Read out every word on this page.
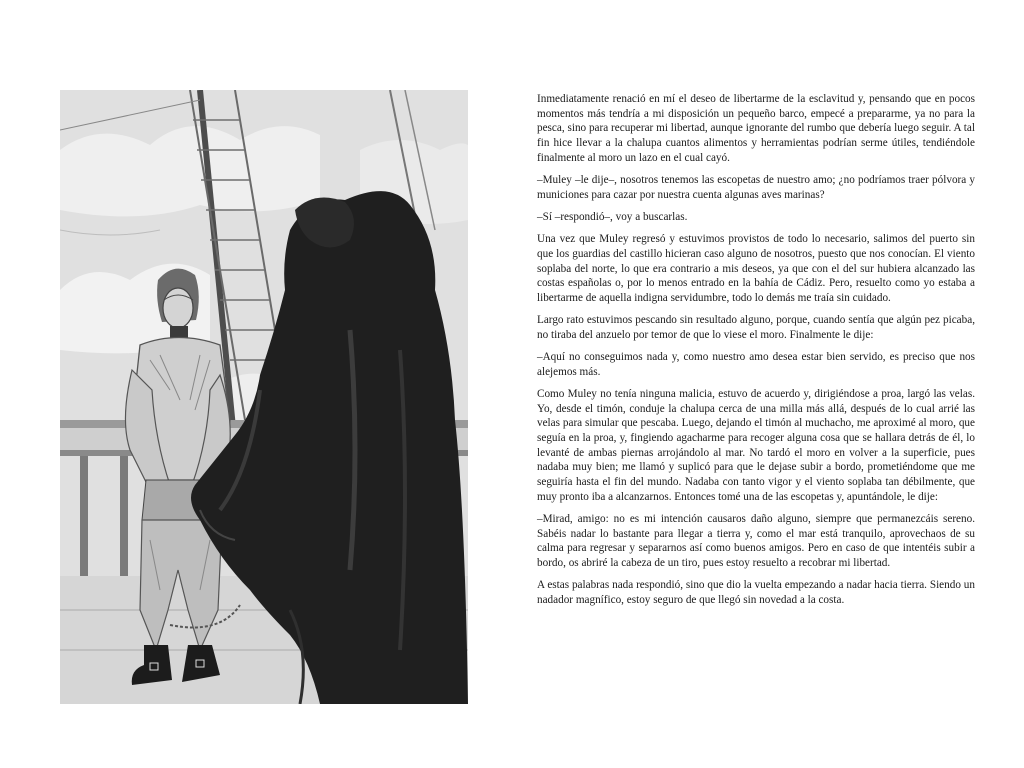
Inmediatamente renació en mí el deseo de libertarme de la esclavitud y, pensando que en pocos momentos más tendría a mi disposición un pequeño barco, empecé a prepararme, ya no para la pesca, sino para recuperar mi libertad, aunque ignorante del rumbo que debería luego seguir. A tal fin hice llevar a la chalupa cuantos alimentos y herramientas podrían serme útiles, tendiéndole finalmente al moro un lazo en el cual cayó.

–Muley –le dije–, nosotros tenemos las escopetas de nuestro amo; ¿no podríamos traer pólvora y municiones para cazar por nuestra cuenta algunas aves marinas?

–Sí –respondió–, voy a buscarlas.

Una vez que Muley regresó y estuvimos provistos de todo lo necesario, salimos del puerto sin que los guardias del castillo hicieran caso alguno de nosotros, puesto que nos conocían. El viento soplaba del norte, lo que era contrario a mis deseos, ya que con el del sur hubiera alcanzado las costas españolas o, por lo menos entrado en la bahía de Cádiz. Pero, resuelto como yo estaba a libertarme de aquella indigna servidumbre, todo lo demás me traía sin cuidado.

Largo rato estuvimos pescando sin resultado alguno, porque, cuando sentía que algún pez picaba, no tiraba del anzuelo por temor de que lo viese el moro. Finalmente le dije:

–Aquí no conseguimos nada y, como nuestro amo desea estar bien servido, es preciso que nos alejemos más.

Como Muley no tenía ninguna malicia, estuvo de acuerdo y, dirigiéndose a proa, largó las velas. Yo, desde el timón, conduje la chalupa cerca de una milla más allá, después de lo cual arrié las velas para simular que pescaba. Luego, dejando el timón al muchacho, me aproximé al moro, que seguía en la proa, y, fingiendo agacharme para recoger alguna cosa que se hallara detrás de él, lo levanté de ambas piernas arrojándolo al mar. No tardó el moro en volver a la superficie, pues nadaba muy bien; me llamó y suplicó para que le dejase subir a bordo, prometiéndome que me seguiría hasta el fin del mundo. Nadaba con tanto vigor y el viento soplaba tan débilmente, que muy pronto iba a alcanzarnos. Entonces tomé una de las escopetas y, apuntándole, le dije:

–Mirad, amigo: no es mi intención causaros daño alguno, siempre que permanezcáis sereno. Sabéis nadar lo bastante para llegar a tierra y, como el mar está tranquilo, aprovechaos de su calma para regresar y separarnos así como buenos amigos. Pero en caso de que intentéis subir a bordo, os abriré la cabeza de un tiro, pues estoy resuelto a recobrar mi libertad.

A estas palabras nada respondió, sino que dio la vuelta empezando a nadar hacia tierra. Siendo un nadador magnífico, estoy seguro de que llegó sin novedad a la costa.
